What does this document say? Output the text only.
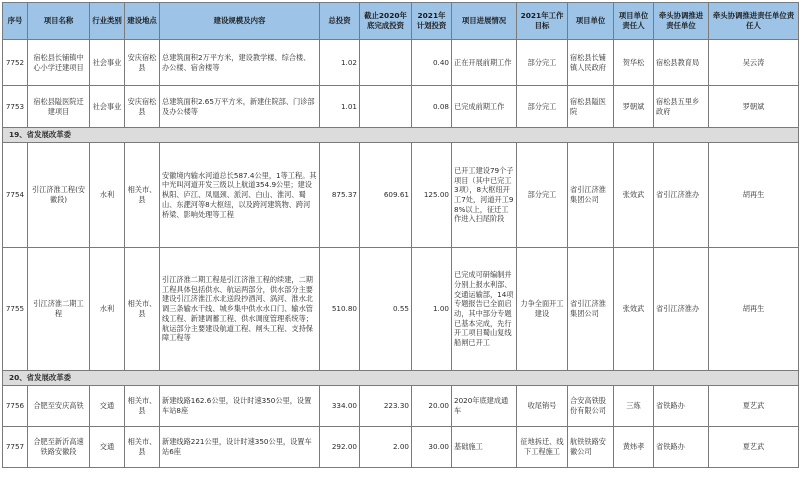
序号	项目名称	行业类别	建设地点	建设规模及内容	总投资	截止2020年底完成投资	2021年计划投资	项目进展情况	2021年工作目标	项目单位	项目单位责任人	牵头协调推进责任单位	牵头协调推进责任单位责任人
7752	宿松县长铺镇中心小学迁建项目	社会事业	安庆宿松县	总建筑面积2万平方米，建设教学楼、综合楼、办公楼、宿舍楼等	1.02		0.40	正在开展前期工作	部分完工	宿松县长铺镇人民政府	贺华松	宿松县教育局	吴云涛
7753	宿松县隘医院迁建项目	社会事业	安庆宿松县	总建筑面积2.65万平方米，新建住院部、门诊部及办公楼等	1.01		0.08	已完成前期工作	部分完工	宿松县隘医院	罗朝斌	宿松县五里乡政府	罗朝斌
19、省发展改革委													
7754	引江济淮工程(安徽段)	水利	相关市、县	安徽境内输水河道总长587.4公里，1等工程。其中光叫河道开发三级以上航道354.9公里；建设枞阳、庐江、凤凰颈、派河、白山、淮河、蜀山、东淝河等8大枢纽，以及跨河建筑物、跨河桥梁、影响处理等工程	875.37	609.61	125.00	已开工建设79个子项目（其中已完工3项），8大枢纽开工7处，河道开工98%以上，征迁工作进入扫尾阶段	部分完工	省引江济淮集团公司	张效武	省引江济淮办	胡再生
7755	引江济淮二期工程	水利	相关市、县	引江济淮二期工程是引江济淮工程的续建，二期工程具体包括供水、航运两部分，供水部分主要建设引江济淮江水北送段抄酒河、涡河、淮水北调三条输水干线、城乡集中供水水口门、输水管线工程、新建调蓄工程、供水调度管理系统等；航运部分主要建设航道工程、闸头工程、支持保障工程等	510.80	0.55	1.00	已完成可研编制并分别上报水利部、交通运输部，14项专题报告已全面启动，其中部分专题已基本完成，先行开工项目蜀山复线船闸已开工	力争全面开工建设	省引江济淮集团公司	张效武	省引江济淮办	胡再生
20、省发展改革委													
7756	合肥至安庆高铁	交通	相关市、县	新建线路162.6公里，设计时速350公里，设置车站8座	334.00	223.30	20.00	2020年底建成通车	收尾销号	合安高铁股份有限公司	三炼	省铁路办	夏艺武
7757	合肥至新沂高速铁路安徽段	交通	相关市、县	新建线路221公里，设计时速350公里，设置车站6座	292.00	2.00	30.00	基础施工	征地拆迁、线下工程施工	航铁铁路安徽公司	黄炜孝	省铁路办	夏艺武
